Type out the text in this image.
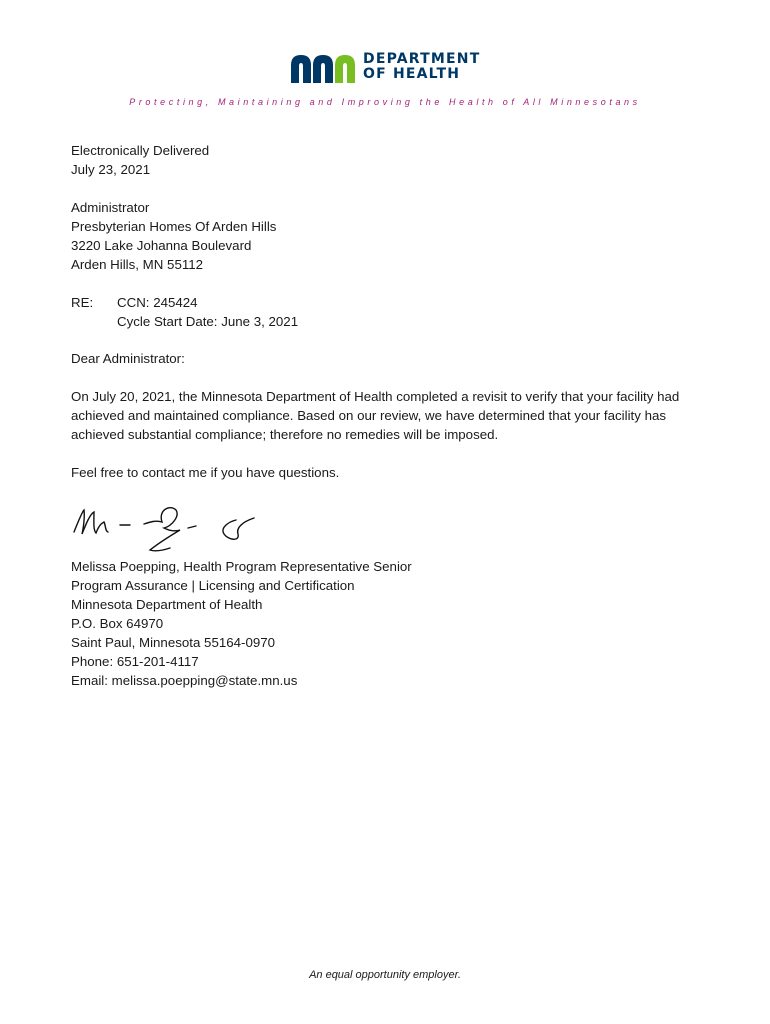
DEPARTMENT
OF HEALTH
Protecting, Maintaining and Improving the Health of All Minnesotans

Electronically Delivered

July 23, 2021

Administrator

Presbyterian Homes Of Arden Hills

3220 Lake Johanna Boulevard

Arden Hills, MN 55112

RE: CCN: 245424

Cycle Start Date: June 3, 2021

Dear Administrator:

On July 20, 2021, the Minnesota Department of Health completed a revisit to verify that your facility had achieved and maintained compliance. Based on our review, we have determined that your facility has achieved substantial compliance; therefore no remedies will be imposed.

Feel free to contact me if you have questions.

Melissa Poepping, Health Program Representative Senior

Program Assurance | Licensing and Certification

Minnesota Department of Health

P.O. Box 64970

Saint Paul, Minnesota 55164-0970

Phone: 651-201-4117

Email: melissa.poepping@state.mn.us

An equal opportunity employer.
